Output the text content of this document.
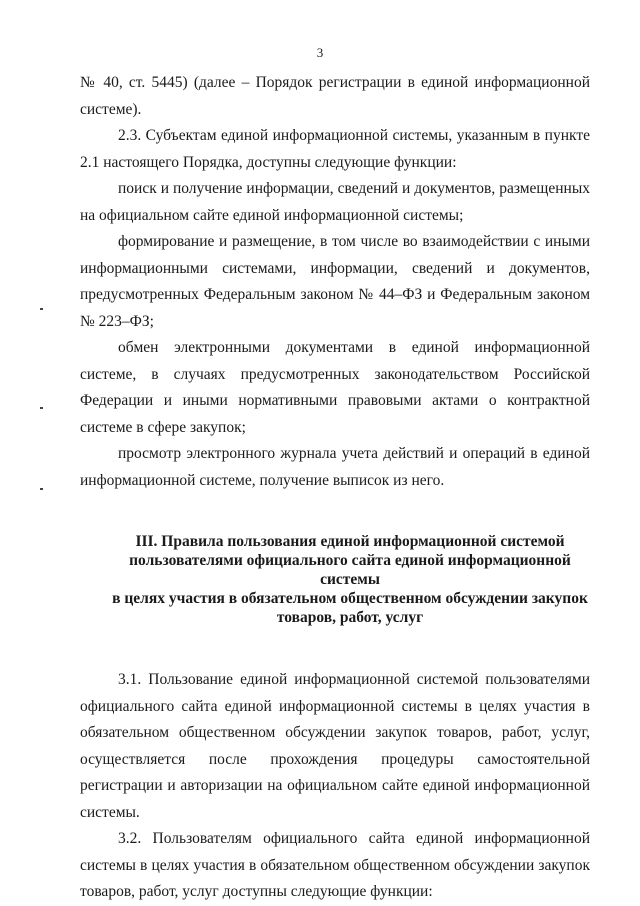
3

№ 40, ст. 5445) (далее – Порядок регистрации в единой информационной системе).

2.3. Субъектам единой информационной системы, указанным в пункте 2.1 настоящего Порядка, доступны следующие функции:

поиск и получение информации, сведений и документов, размещенных на официальном сайте единой информационной системы;

формирование и размещение, в том числе во взаимодействии с иными информационными системами, информации, сведений и документов, предусмотренных Федеральным законом № 44–ФЗ и Федеральным законом № 223–ФЗ;

обмен электронными документами в единой информационной системе, в случаях предусмотренных законодательством Российской Федерации и иными нормативными правовыми актами о контрактной системе в сфере закупок;

просмотр электронного журнала учета действий и операций в единой информационной системе, получение выписок из него.

III. Правила пользования единой информационной системой
пользователями официального сайта единой информационной системы
в целях участия в обязательном общественном обсуждении закупок
товаров, работ, услуг

3.1. Пользование единой информационной системой пользователями официального сайта единой информационной системы в целях участия в обязательном общественном обсуждении закупок товаров, работ, услуг, осуществляется после прохождения процедуры самостоятельной регистрации и авторизации на официальном сайте единой информационной системы.

3.2. Пользователям официального сайта единой информационной системы в целях участия в обязательном общественном обсуждении закупок товаров, работ, услуг доступны следующие функции:
